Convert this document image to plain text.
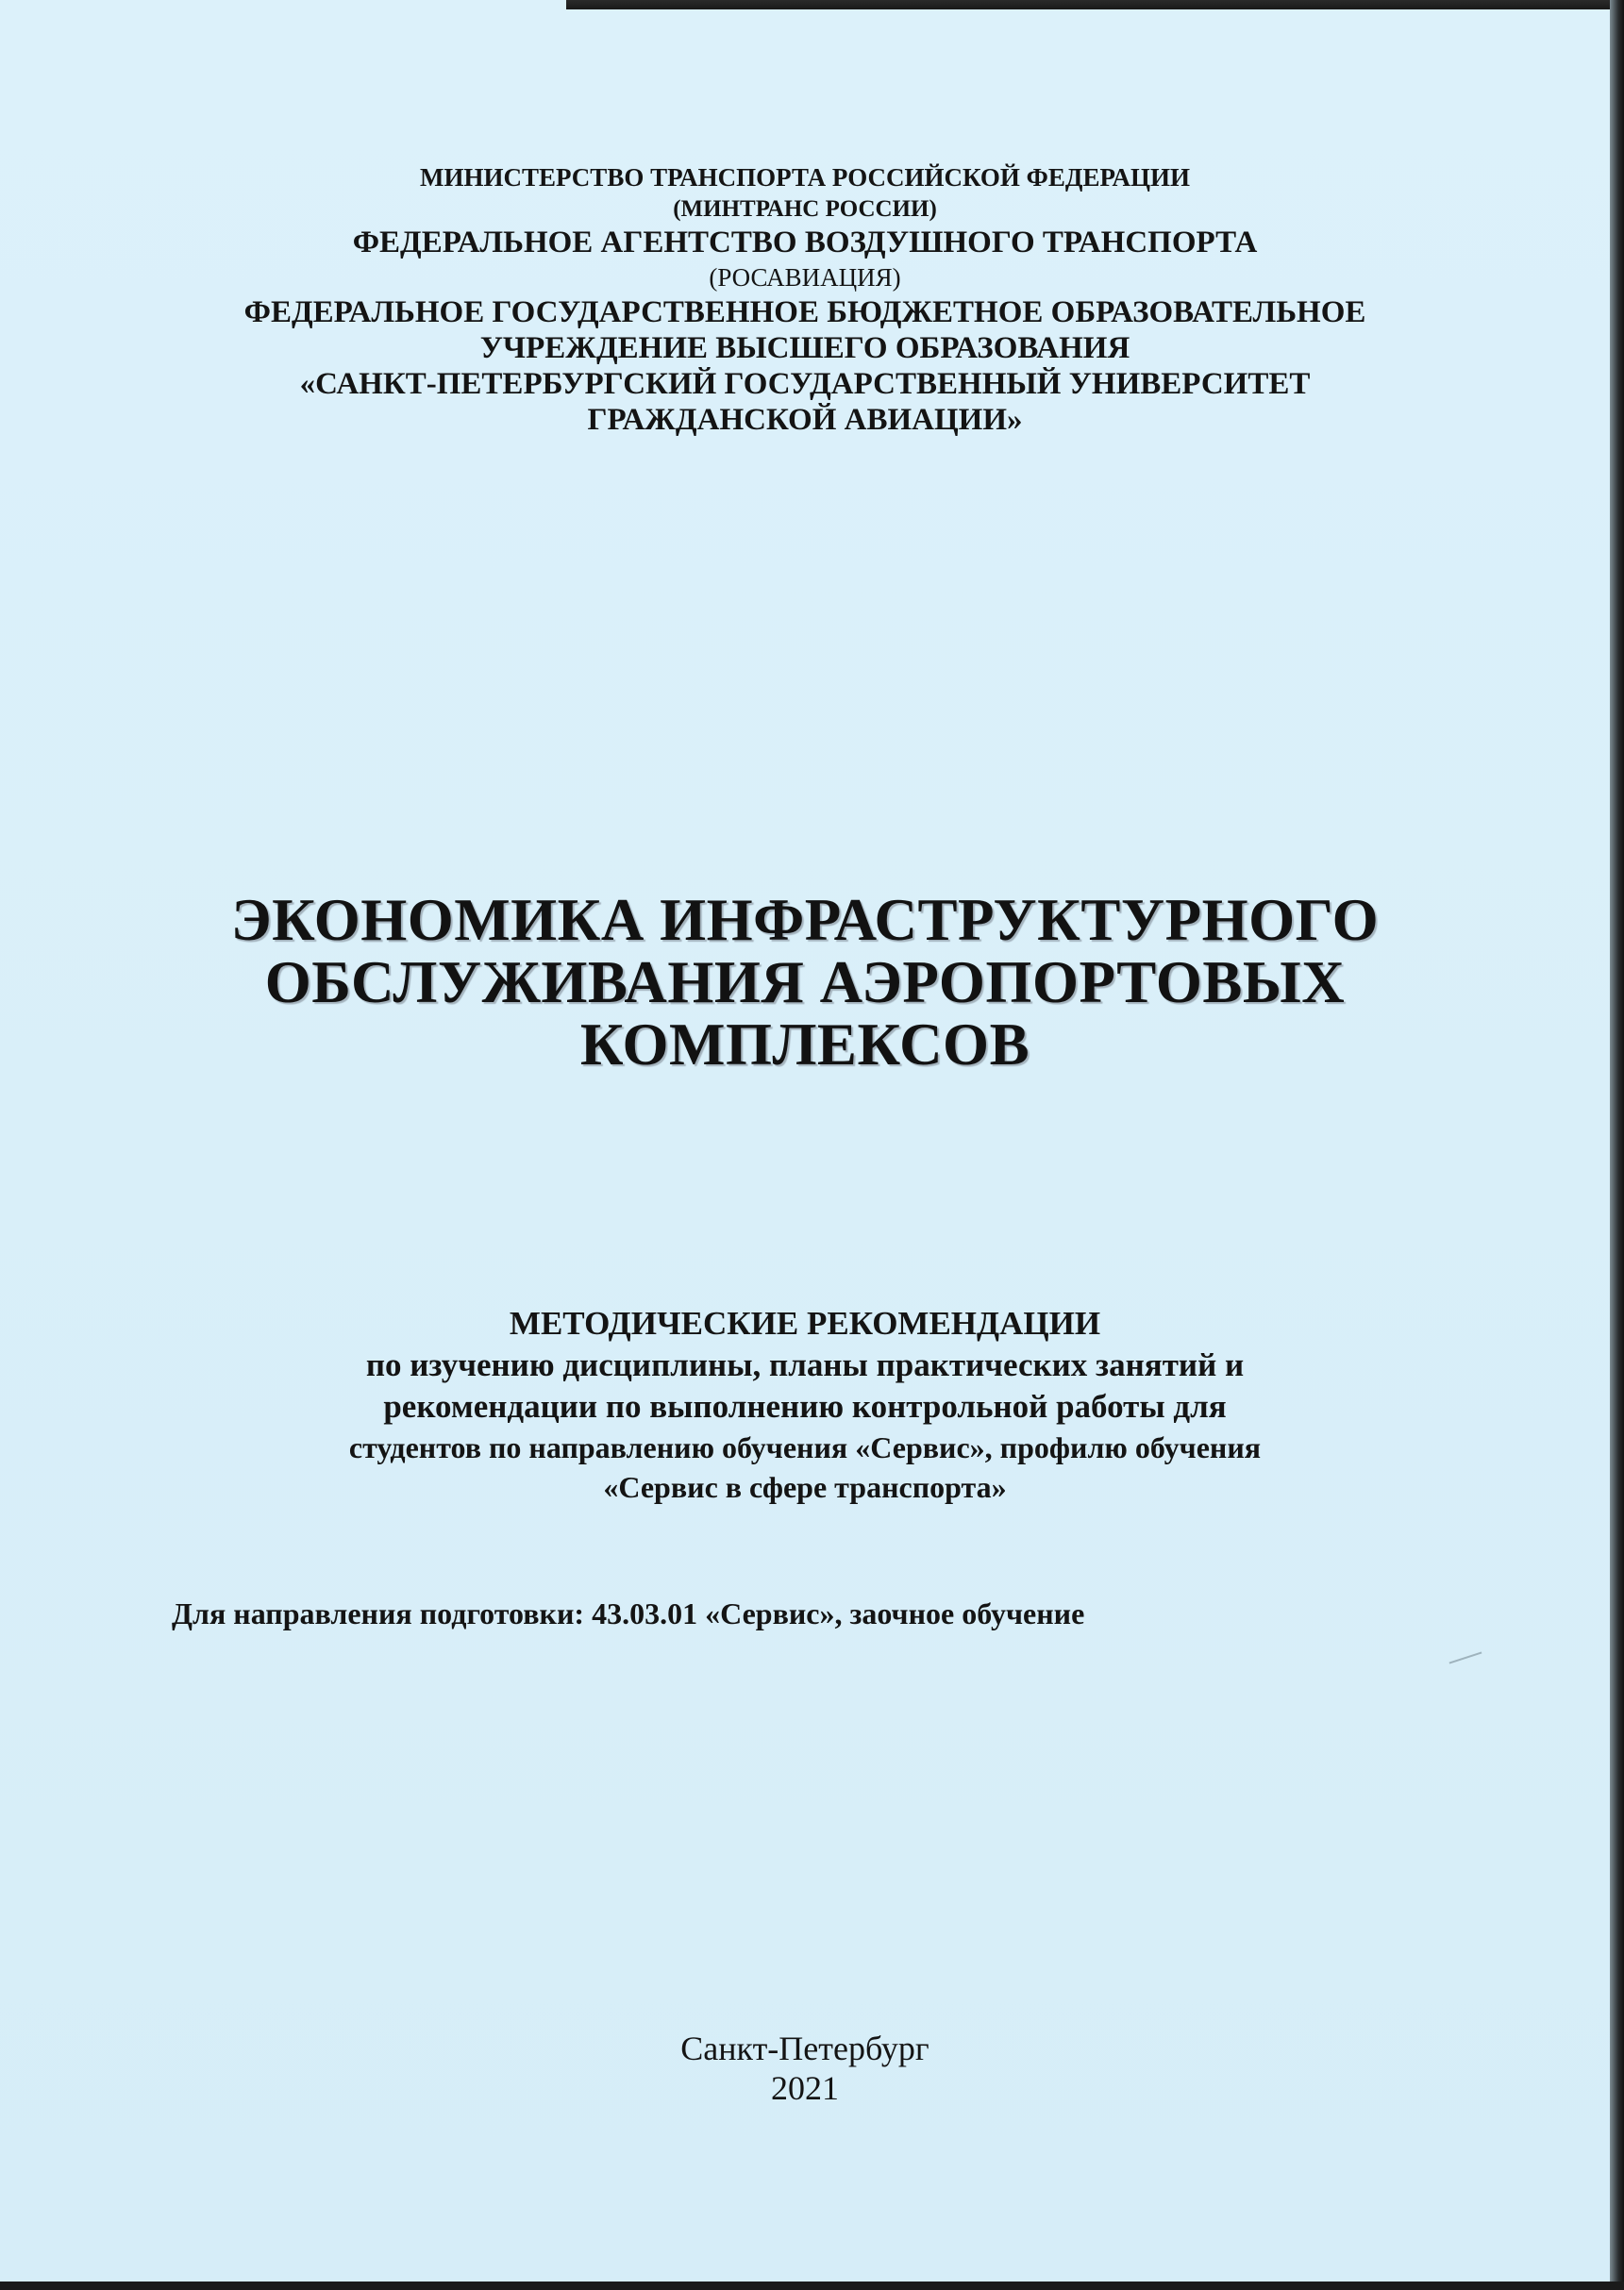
МИНИСТЕРСТВО ТРАНСПОРТА РОССИЙСКОЙ ФЕДЕРАЦИИ
(МИНТРАНС РОССИИ)
ФЕДЕРАЛЬНОЕ АГЕНТСТВО ВОЗДУШНОГО ТРАНСПОРТА
(РОСАВИАЦИЯ)
ФЕДЕРАЛЬНОЕ ГОСУДАРСТВЕННОЕ БЮДЖЕТНОЕ ОБРАЗОВАТЕЛЬНОЕ
УЧРЕЖДЕНИЕ ВЫСШЕГО ОБРАЗОВАНИЯ
«САНКТ-ПЕТЕРБУРГСКИЙ ГОСУДАРСТВЕННЫЙ УНИВЕРСИТЕТ
ГРАЖДАНСКОЙ АВИАЦИИ»
ЭКОНОМИКА ИНФРАСТРУКТУРНОГО
ОБСЛУЖИВАНИЯ АЭРОПОРТОВЫХ
КОМПЛЕКСОВ
МЕТОДИЧЕСКИЕ РЕКОМЕНДАЦИИ
по изучению дисциплины, планы практических занятий и
рекомендации по выполнению контрольной работы для
студентов по направлению обучения «Сервис», профилю обучения
«Сервис в сфере транспорта»
Для направления подготовки: 43.03.01 «Сервис», заочное обучение
Санкт-Петербург
2021
